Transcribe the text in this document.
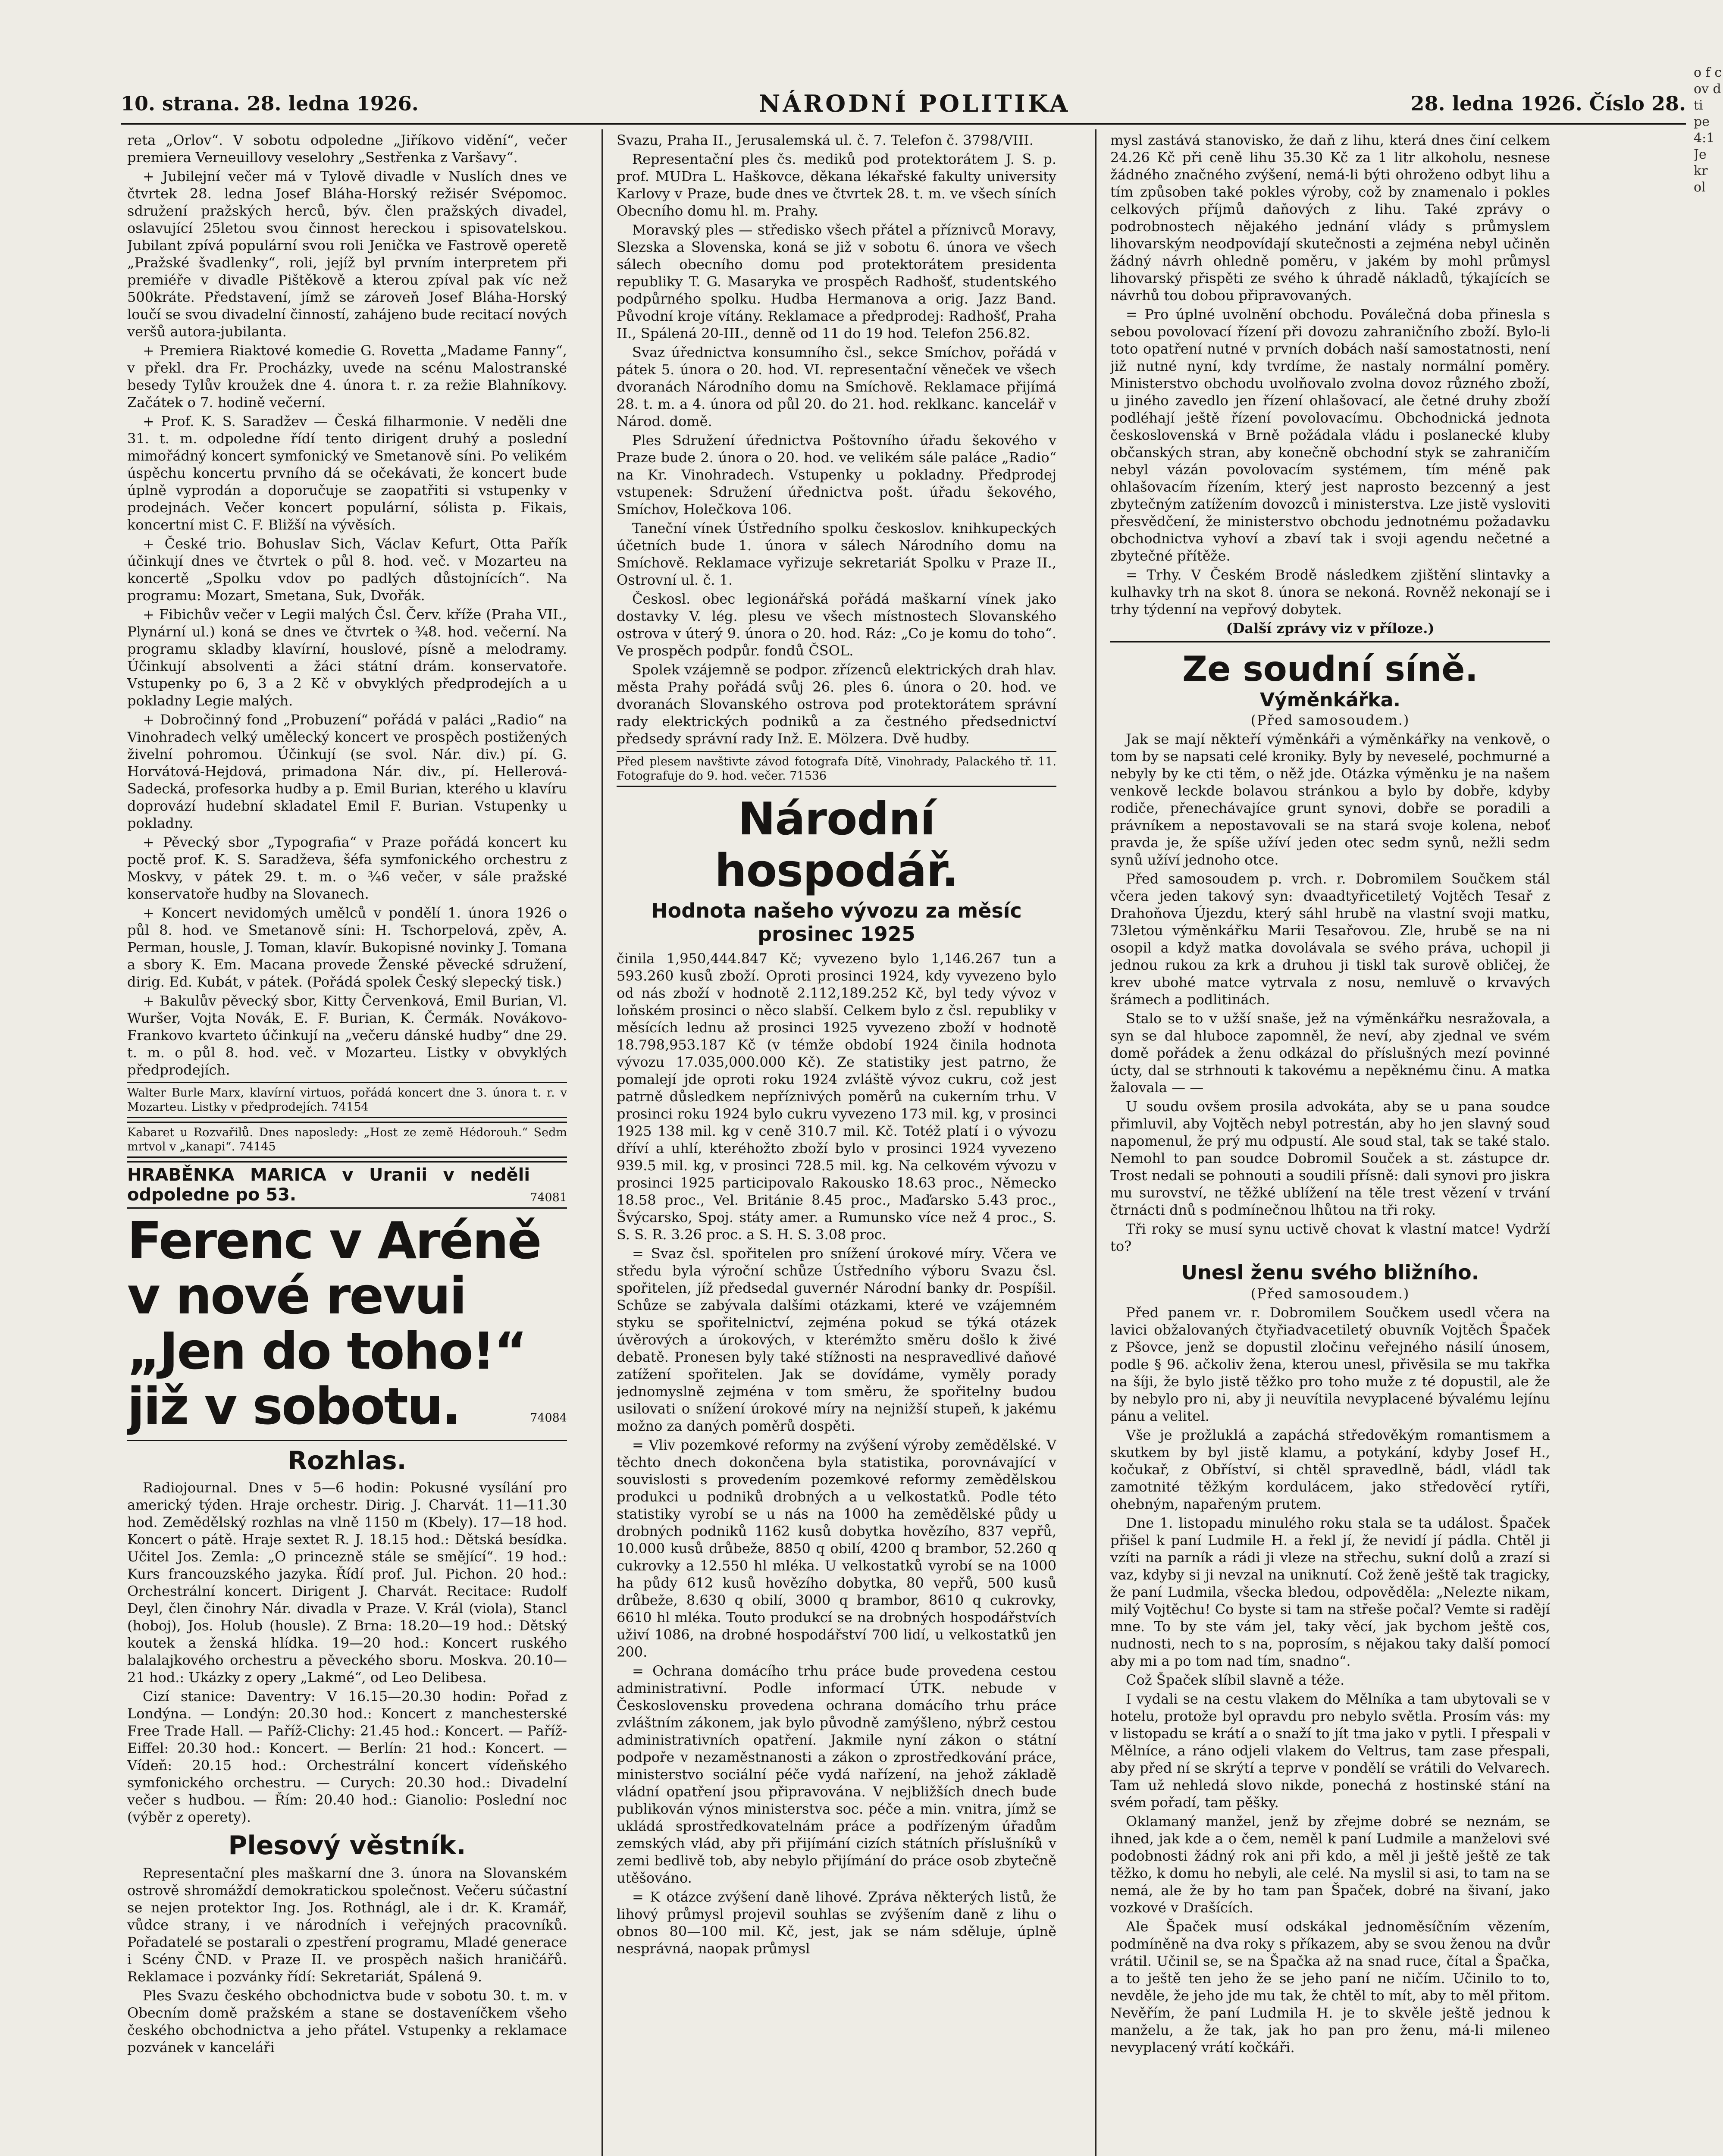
10. strana. 28. ledna 1926.	NÁRODNÍ POLITIKA	28. ledna 1926. Číslo 28.

reta „Orlov“. V sobotu odpoledne „Jiříkovo vidění“, večer premiera Verneuillovy veselohry „Sestřenka z Varšavy“.

+ Jubilejní večer má v Tylově divadle v Nuslích dnes ve čtvrtek 28. ledna Josef Bláha-Horský režisér Svépomoc. sdružení pražských herců, býv. člen pražských divadel, oslavující 25letou svou činnost hereckou i spisovatelskou. Jubilant zpívá populární svou roli Jenička ve Fastrově operetě „Pražské švadlenky“, roli, jejíž byl prvním interpretem při premiéře v divadle Pištěkově a kterou zpíval pak víc než 500kráte. Představení, jímž se zároveň Josef Bláha-Horský loučí se svou divadelní činností, zahájeno bude recitací nových veršů autora-jubilanta.

+ Premiera Riaktové komedie G. Rovetta „Madame Fanny“, v překl. dra Fr. Procházky, uvede na scénu Malostranské besedy Tylův kroužek dne 4. února t. r. za režie Blahníkovy. Začátek o 7. hodině večerní.

+ Prof. K. S. Saradžev — Česká filharmonie. V neděli dne 31. t. m. odpoledne řídí tento dirigent druhý a poslední mimořádný koncert symfonický ve Smetanově síni. Po velikém úspěchu koncertu prvního dá se očekávati, že koncert bude úplně vyprodán a doporučuje se zaopatřiti si vstupenky v prodejnách. Večer koncert populární, sólista p. Fikais, koncertní mist C. F. Bližší na vývěsích.

+ České trio. Bohuslav Sich, Václav Kefurt, Otta Pařík účinkují dnes ve čtvrtek o půl 8. hod. več. v Mozarteu na koncertě „Spolku vdov po padlých důstojnících“. Na programu: Mozart, Smetana, Suk, Dvořák.

+ Fibichův večer v Legii malých Čsl. Červ. kříže (Praha VII., Plynární ul.) koná se dnes ve čtvrtek o ¾8. hod. večerní. Na programu skladby klavírní, houslové, písně a melodramy. Účinkují absolventi a žáci státní drám. konservatoře. Vstupenky po 6, 3 a 2 Kč v obvyklých předprodejích a u pokladny Legie malých.

+ Dobročinný fond „Probuzení“ pořádá v paláci „Radio“ na Vinohradech velký umělecký koncert ve prospěch postižených živelní pohromou. Účinkují (se svol. Nár. div.) pí. G. Horvátová-Hejdová, primadona Nár. div., pí. Hellerová-Sadecká, profesorka hudby a p. Emil Burian, kterého u klavíru doprovází hudební skladatel Emil F. Burian. Vstupenky u pokladny.

+ Pěvecký sbor „Typografia“ v Praze pořádá koncert ku poctě prof. K. S. Saradževa, šéfa symfonického orchestru z Moskvy, v pátek 29. t. m. o ¾6 večer, v sále pražské konservatoře hudby na Slovanech.

+ Koncert nevidomých umělců v pondělí 1. února 1926 o půl 8. hod. ve Smetanově síni: H. Tschorpelová, zpěv, A. Perman, housle, J. Toman, klavír. Bukopisné novinky J. Tomana a sbory K. Em. Macana provede Ženské pěvecké sdružení, dirig. Ed. Kubát, v pátek. (Pořádá spolek Český slepecký tisk.)

+ Bakulův pěvecký sbor, Kitty Červenková, Emil Burian, Vl. Wuršer, Vojta Novák, E. F. Burian, K. Čermák. Novákovo-Frankovo kvarteto účinkují na „večeru dánské hudby“ dne 29. t. m. o půl 8. hod. več. v Mozarteu. Listky v obvyklých předprodejích.

Walter Burle Marx, klavírní virtuos, pořádá koncert dne 3. února t. r. v Mozarteu. Listky v předprodejích. 74154
Kabaret u Rozvařilů. Dnes naposledy: „Host ze země Hédorouh.“ Sedm mrtvol v „kanapi“. 74145
HRABĚNKA MARICA v Uranii v neděli odpoledne po 53.	74081
Ferenc v Aréně v nové revui „Jen do toho!“ již v sobotu.	74084
Rozhlas.

Radiojournal. Dnes v 5—6 hodin: Pokusné vysílání pro americký týden. Hraje orchestr. Dirig. J. Charvát. 11—11.30 hod. Zemědělský rozhlas na vlně 1150 m (Kbely). 17—18 hod. Koncert o pátě. Hraje sextet R. J. 18.15 hod.: Dětská besídka. Učitel Jos. Zemla: „O princezně stále se smějící“. 19 hod.: Kurs francouzského jazyka. Řídí prof. Jul. Pichon. 20 hod.: Orchestrální koncert. Dirigent J. Charvát. Recitace: Rudolf Deyl, člen činohry Nár. divadla v Praze. V. Král (viola), Stancl (hoboj), Jos. Holub (housle). Z Brna: 18.20—19 hod.: Dětský koutek a ženská hlídka. 19—20 hod.: Koncert ruského balalajkového orchestru a pěveckého sboru. Moskva. 20.10—21 hod.: Ukázky z opery „Lakmé“, od Leo Delibesa.

Cizí stanice: Daventry: V 16.15—20.30 hodin: Pořad z Londýna. — Londýn: 20.30 hod.: Koncert z manchesterské Free Trade Hall. — Paříž-Clichy: 21.45 hod.: Koncert. — Paříž-Eiffel: 20.30 hod.: Koncert. — Berlín: 21 hod.: Koncert. — Vídeň: 20.15 hod.: Orchestrální koncert vídeňského symfonického orchestru. — Curych: 20.30 hod.: Divadelní večer s hudbou. — Řím: 20.40 hod.: Gianolio: Poslední noc (výběr z operety).

Plesový věstník.

Representační ples maškarní dne 3. února na Slovanském ostrově shromáždí demokratickou společnost. Večeru súčastní se nejen protektor Ing. Jos. Rothnágl, ale i dr. K. Kramář, vůdce strany, i ve národních i veřejných pracovníků. Pořadatelé se postarali o zpestření programu, Mladé generace i Scény ČND. v Praze II. ve prospěch našich hraničářů. Reklamace i pozvánky řídí: Sekretariát, Spálená 9.

Ples Svazu českého obchodnictva bude v sobotu 30. t. m. v Obecním domě pražském a stane se dostaveníčkem všeho českého obchodnictva a jeho přátel. Vstupenky a reklamace pozvánek v kanceláři

Svazu, Praha II., Jerusalemská ul. č. 7. Telefon č. 3798/VIII.

Representační ples čs. mediků pod protektorátem J. S. p. prof. MUDra L. Haškovce, děkana lékařské fakulty university Karlovy v Praze, bude dnes ve čtvrtek 28. t. m. ve všech síních Obecního domu hl. m. Prahy.

Moravský ples — středisko všech přátel a příznivců Moravy, Slezska a Slovenska, koná se již v sobotu 6. února ve všech sálech obecního domu pod protektorátem presidenta republiky T. G. Masaryka ve prospěch Radhošť, studentského podpůrného spolku. Hudba Hermanova a orig. Jazz Band. Původní kroje vítány. Reklamace a předprodej: Radhošť, Praha II., Spálená 20-III., denně od 11 do 19 hod. Telefon 256.82.

Svaz úřednictva konsumního čsl., sekce Smíchov, pořádá v pátek 5. února o 20. hod. VI. representační věneček ve všech dvoranách Národního domu na Smíchově. Reklamace přijímá 28. t. m. a 4. února od půl 20. do 21. hod. reklkanc. kancelář v Národ. domě.

Ples Sdružení úřednictva Poštovního úřadu šekového v Praze bude 2. února o 20. hod. ve velikém sále paláce „Radio“ na Kr. Vinohradech. Vstupenky u pokladny. Předprodej vstupenek: Sdružení úřednictva pošt. úřadu šekového, Smíchov, Holečkova 106.

Taneční vínek Ústředního spolku českoslov. knihkupeckých účetních bude 1. února v sálech Národního domu na Smíchově. Reklamace vyřizuje sekretariát Spolku v Praze II., Ostrovní ul. č. 1.

Českosl. obec legionářská pořádá maškarní vínek jako dostavky V. lég. plesu ve všech místnostech Slovanského ostrova v úterý 9. února o 20. hod. Ráz: „Co je komu do toho“. Ve prospěch podpůr. fondů ČSOL.

Spolek vzájemně se podpor. zřízenců elektrických drah hlav. města Prahy pořádá svůj 26. ples 6. února o 20. hod. ve dvoranách Slovanského ostrova pod protektorátem správní rady elektrických podniků a za čestného předsednictví předsedy správní rady Inž. E. Mölzera. Dvě hudby.

Před plesem navštivte závod fotografa Dítě, Vinohrady, Palackého tř. 11. Fotografuje do 9. hod. večer. 71536
Národní hospodář.
Hodnota našeho vývozu za měsíc prosinec 1925

činila 1,950,444.847 Kč; vyvezeno bylo 1,146.267 tun a 593.260 kusů zboží. Oproti prosinci 1924, kdy vyvezeno bylo od nás zboží v hodnotě 2.112,189.252 Kč, byl tedy vývoz v loňském prosinci o něco slabší. Celkem bylo z čsl. republiky v měsících lednu až prosinci 1925 vyvezeno zboží v hodnotě 18.798,953.187 Kč (v témže období 1924 činila hodnota vývozu 17.035,000.000 Kč). Ze statistiky jest patrno, že pomalejí jde oproti roku 1924 zvláště vývoz cukru, což jest patrně důsledkem nepříznivých poměrů na cukerním trhu. V prosinci roku 1924 bylo cukru vyvezeno 173 mil. kg, v prosinci 1925 138 mil. kg v ceně 310.7 mil. Kč. Totéž platí i o vývozu dříví a uhlí, kteréhožto zboží bylo v prosinci 1924 vyvezeno 939.5 mil. kg, v prosinci 728.5 mil. kg. Na celkovém vývozu v prosinci 1925 participovalo Rakousko 18.63 proc., Německo 18.58 proc., Vel. Británie 8.45 proc., Maďarsko 5.43 proc., Švýcarsko, Spoj. státy amer. a Rumunsko více než 4 proc., S. S. S. R. 3.26 proc. a S. H. S. 3.08 proc.

= Svaz čsl. spořitelen pro snížení úrokové míry. Včera ve středu byla výroční schůze Ústředního výboru Svazu čsl. spořitelen, jíž předsedal guvernér Národní banky dr. Pospíšil. Schůze se zabývala dalšími otázkami, které ve vzájemném styku se spořitelnictví, zejména pokud se týká otázek úvěrových a úrokových, v kterémžto směru došlo k živé debatě. Pronesen byly také stížnosti na nespravedlivé daňové zatížení spořitelen. Jak se dovídáme, vyměly porady jednomyslně zejména v tom směru, že spořitelny budou usilovati o snížení úrokové míry na nejnižší stupeň, k jakému možno za daných poměrů dospěti.

= Vliv pozemkové reformy na zvýšení výroby zemědělské. V těchto dnech dokončena byla statistika, porovnávající v souvislosti s provedením pozemkové reformy zemědělskou produkci u podniků drobných a u velkostatků. Podle této statistiky vyrobí se u nás na 1000 ha zemědělské půdy u drobných podniků 1162 kusů dobytka hovězího, 837 vepřů, 10.000 kusů drůbeže, 8850 q obilí, 4200 q brambor, 52.260 q cukrovky a 12.550 hl mléka. U velkostatků vyrobí se na 1000 ha půdy 612 kusů hovězího dobytka, 80 vepřů, 500 kusů drůbeže, 8.630 q obilí, 3000 q brambor, 8610 q cukrovky, 6610 hl mléka. Touto produkcí se na drobných hospodářstvích uživí 1086, na drobné hospodářství 700 lidí, u velkostatků jen 200.

= Ochrana domácího trhu práce bude provedena cestou administrativní. Podle informací ÚTK. nebude v Československu provedena ochrana domácího trhu práce zvláštním zákonem, jak bylo původně zamýšleno, nýbrž cestou administrativních opatření. Jakmile nyní zákon o státní podpoře v nezaměstnanosti a zákon o zprostředkování práce, ministerstvo sociální péče vydá nařízení, na jehož základě vládní opatření jsou připravována. V nejbližších dnech bude publikován výnos ministerstva soc. péče a min. vnitra, jímž se ukládá sprostředkovatelnám práce a podřízeným úřadům zemských vlád, aby při přijímání cizích státních příslušníků v zemi bedlivě tob, aby nebylo přijímání do práce osob zbytečně utěšováno.

= K otázce zvýšení daně lihové. Zpráva některých listů, že lihový průmysl projevil souhlas se zvýšením daně z lihu o obnos 80—100 mil. Kč, jest, jak se nám sděluje, úplně nesprávná, naopak průmysl

mysl zastává stanovisko, že daň z lihu, která dnes činí celkem 24.26 Kč při ceně lihu 35.30 Kč za 1 litr alkoholu, nesnese žádného značného zvýšení, nemá-li býti ohroženo odbyt lihu a tím způsoben také pokles výroby, což by znamenalo i pokles celkových příjmů daňových z lihu. Také zprávy o podrobnostech nějakého jednání vlády s průmyslem lihovarským neodpovídají skutečnosti a zejména nebyl učiněn žádný návrh ohledně poměru, v jakém by mohl průmysl lihovarský přispěti ze svého k úhradě nákladů, týkajících se návrhů tou dobou připravovaných.

= Pro úplné uvolnění obchodu. Poválečná doba přinesla s sebou povolovací řízení při dovozu zahraničního zboží. Bylo-li toto opatření nutné v prvních dobách naší samostatnosti, není již nutné nyní, kdy tvrdíme, že nastaly normální poměry. Ministerstvo obchodu uvolňovalo zvolna dovoz různého zboží, u jiného zavedlo jen řízení ohlašovací, ale četné druhy zboží podléhají ještě řízení povolovacímu. Obchodnická jednota československá v Brně požádala vládu i poslanecké kluby občanských stran, aby konečně obchodní styk se zahraničím nebyl vázán povolovacím systémem, tím méně pak ohlašovacím řízením, který jest naprosto bezcenný a jest zbytečným zatížením dovozců i ministerstva. Lze jistě vysloviti přesvědčení, že ministerstvo obchodu jednotnému požadavku obchodnictva vyhoví a zbaví tak i svoji agendu nečetné a zbytečné přítěže.

= Trhy. V Českém Brodě následkem zjištění slintavky a kulhavky trh na skot 8. února se nekoná. Rovněž nekonají se i trhy týdenní na vepřový dobytek.

(Další zprávy viz v příloze.)

Ze soudní síně.
Výměnkářka.

(Před samosoudem.)

Jak se mají někteří výměnkáři a výměnkářky na venkově, o tom by se napsati celé kroniky. Byly by neveselé, pochmurné a nebyly by ke cti těm, o něž jde. Otázka výměnku je na našem venkově leckde bolavou stránkou a bylo by dobře, kdyby rodiče, přenechávajíce grunt synovi, dobře se poradili a právníkem a nepostavovali se na stará svoje kolena, neboť pravda je, že spíše užíví jeden otec sedm synů, nežli sedm synů užíví jednoho otce.

Před samosoudem p. vrch. r. Dobromilem Součkem stál včera jeden takový syn: dvaadtyřicetiletý Vojtěch Tesař z Drahoňova Újezdu, který sáhl hrubě na vlastní svoji matku, 73letou výměnkářku Marii Tesařovou. Zle, hrubě se na ni osopil a když matka dovolávala se svého práva, uchopil ji jednou rukou za krk a druhou ji tiskl tak surově obličej, že krev ubohé matce vytrvala z nosu, nemluvě o krvavých šrámech a podlitinách.

Stalo se to v užší snaše, jež na výměnkářku nesražovala, a syn se dal hluboce zapomněl, že neví, aby zjednal ve svém domě pořádek a ženu odkázal do příslušných mezí povinné úcty, dal se strhnouti k takovému a nepěknému činu. A matka žalovala — —

U soudu ovšem prosila advokáta, aby se u pana soudce přimluvil, aby Vojtěch nebyl potrestán, aby ho jen slavný soud napomenul, že prý mu odpustí. Ale soud stal, tak se také stalo. Nemohl to pan soudce Dobromil Souček a st. zástupce dr. Trost nedali se pohnouti a soudili přísně: dali synovi pro jiskra mu surovství, ne těžké ublížení na těle trest vězení v trvání čtrnácti dnů s podmínečnou lhůtou na tři roky.

Tři roky se musí synu uctivě chovat k vlastní matce! Vydrží to?

Unesl ženu svého bližního.

(Před samosoudem.)

Před panem vr. r. Dobromilem Součkem usedl včera na lavici obžalovaných čtyřiadvacetiletý obuvník Vojtěch Špaček z Pšovce, jenž se dopustil zločinu veřejného násilí únosem, podle § 96. ačkoliv žena, kterou unesl, přivěsila se mu takřka na šíji, že bylo jistě těžko pro toho muže z té dopustil, ale že by nebylo pro ni, aby ji neuvítila nevyplacené bývalému lejínu pánu a velitel.

Vše je prožluklá a zapáchá středověkým romantismem a skutkem by byl jistě klamu, a potykání, kdyby Josef H., kočukař, z Obříství, si chtěl spravedlně, bádl, vládl tak zamotnité těžkým kordulácem, jako středověcí rytíři, ohebným, napařeným prutem.

Dne 1. listopadu minulého roku stala se ta událost. Špaček přišel k paní Ludmile H. a řekl jí, že nevidí jí pádla. Chtěl ji vzíti na parník a rádi ji vleze na střechu, sukní dolů a zrazí si vaz, kdyby si ji nevzal na uniknutí. Což ženě ještě tak tragicky, že paní Ludmila, všecka bledou, odpověděla: „Nelezte nikam, milý Vojtěchu! Co byste si tam na střeše počal? Vemte si radějí mne. To by ste vám jel, taky věcí, jak bychom ještě cos, nudnosti, nech to s na, poprosím, s nějakou taky další pomocí aby mi a po tom nad tím, snadno“.

Což Špaček slíbil slavně a téže.

I vydali se na cestu vlakem do Mělníka a tam ubytovali se v hotelu, protože byl opravdu pro nebylo světla. Prosím vás: my v listopadu se krátí a o snaží to jít tma jako v pytli. I přespali v Mělníce, a ráno odjeli vlakem do Veltrus, tam zase přespali, aby před ní se skrýtí a teprve v pondělí se vrátili do Velvarech. Tam už nehledá slovo nikde, ponechá z hostinské stání na svém pořadí, tam pěšky.

Oklamaný manžel, jenž by zřejme dobré se neznám, se ihned, jak kde a o čem, neměl k paní Ludmile a manželovi své podobnosti žádný rok ani při kdo, a měl ji ještě ještě ze tak těžko, k domu ho nebyli, ale celé. Na myslil si asi, to tam na se nemá, ale že by ho tam pan Špaček, dobré na šivaní, jako vozkové v Drašících.

Ale Špaček musí odskákal jednoměsíčním vězením, podmíněně na dva roky s příkazem, aby se svou ženou na dvůr vrátil. Učinil se, se na Špačka až na snad ruce, čítal a Špačka, a to ještě ten jeho že se jeho paní ne ničím. Učinilo to to, nevděle, že jeho jde mu tak, že chtěl to mít, aby to měl přitom. Nevěřím, že paní Ludmila H. je to skvěle ještě jednou k manželu, a že tak, jak ho pan pro ženu, má-li mileneo nevyplacený vrátí kočkáři.

o f c ov d ti pe 4:1 Je kr ol
